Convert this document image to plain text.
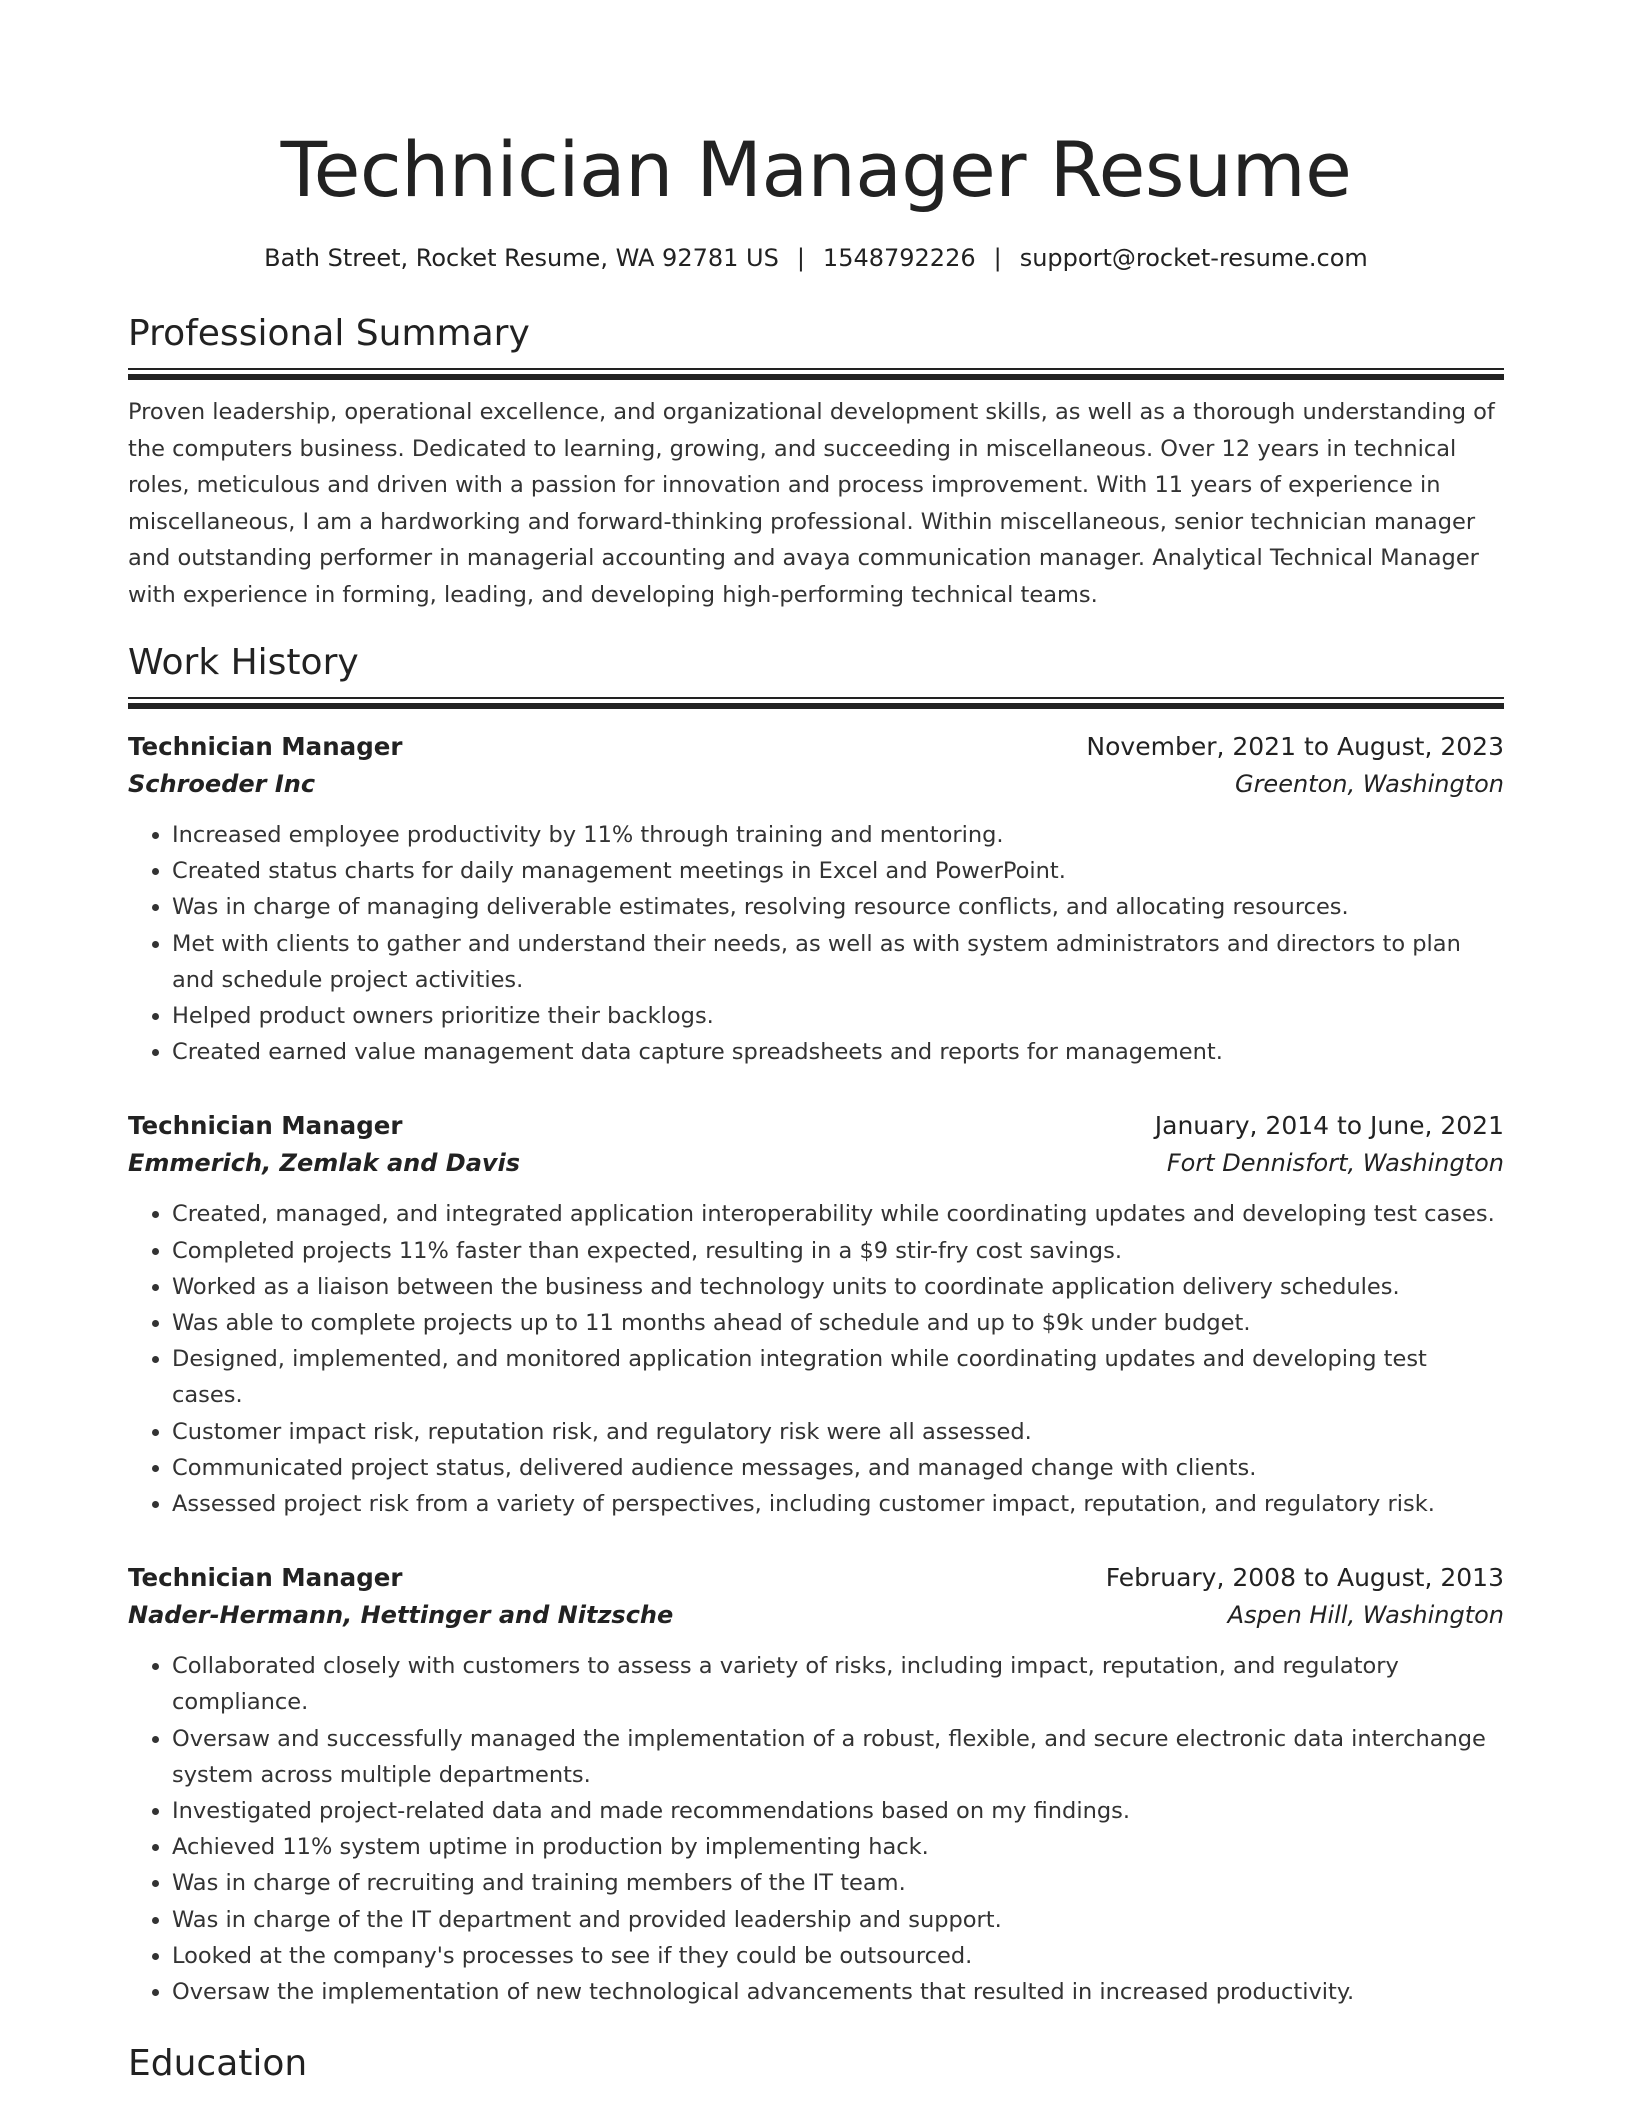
Technician Manager Resume
Bath Street, Rocket Resume, WA 92781 US | 1548792226 | support@rocket-resume.com
Professional Summary

Proven leadership, operational excellence, and organizational development skills, as well as a thorough understanding of the computers business. Dedicated to learning, growing, and succeeding in miscellaneous. Over 12 years in technical roles, meticulous and driven with a passion for innovation and process improvement. With 11 years of experience in miscellaneous, I am a hardworking and forward-thinking professional. Within miscellaneous, senior technician manager and outstanding performer in managerial accounting and avaya communication manager. Analytical Technical Manager with experience in forming, leading, and developing high-performing technical teams.

Work History
Technician Manager	November, 2021 to August, 2023
Schroeder Inc	Greenton, Washington
• Increased employee productivity by 11% through training and mentoring.
• Created status charts for daily management meetings in Excel and PowerPoint.
• Was in charge of managing deliverable estimates, resolving resource conflicts, and allocating resources.
• Met with clients to gather and understand their needs, as well as with system administrators and directors to plan and schedule project activities.
• Helped product owners prioritize their backlogs.
• Created earned value management data capture spreadsheets and reports for management.
Technician Manager	January, 2014 to June, 2021
Emmerich, Zemlak and Davis	Fort Dennisfort, Washington
• Created, managed, and integrated application interoperability while coordinating updates and developing test cases.
• Completed projects 11% faster than expected, resulting in a $9 stir-fry cost savings.
• Worked as a liaison between the business and technology units to coordinate application delivery schedules.
• Was able to complete projects up to 11 months ahead of schedule and up to $9k under budget.
• Designed, implemented, and monitored application integration while coordinating updates and developing test cases.
• Customer impact risk, reputation risk, and regulatory risk were all assessed.
• Communicated project status, delivered audience messages, and managed change with clients.
• Assessed project risk from a variety of perspectives, including customer impact, reputation, and regulatory risk.
Technician Manager	February, 2008 to August, 2013
Nader-Hermann, Hettinger and Nitzsche	Aspen Hill, Washington
• Collaborated closely with customers to assess a variety of risks, including impact, reputation, and regulatory compliance.
• Oversaw and successfully managed the implementation of a robust, flexible, and secure electronic data interchange system across multiple departments.
• Investigated project-related data and made recommendations based on my findings.
• Achieved 11% system uptime in production by implementing hack.
• Was in charge of recruiting and training members of the IT team.
• Was in charge of the IT department and provided leadership and support.
• Looked at the company's processes to see if they could be outsourced.
• Oversaw the implementation of new technological advancements that resulted in increased productivity.
Education
